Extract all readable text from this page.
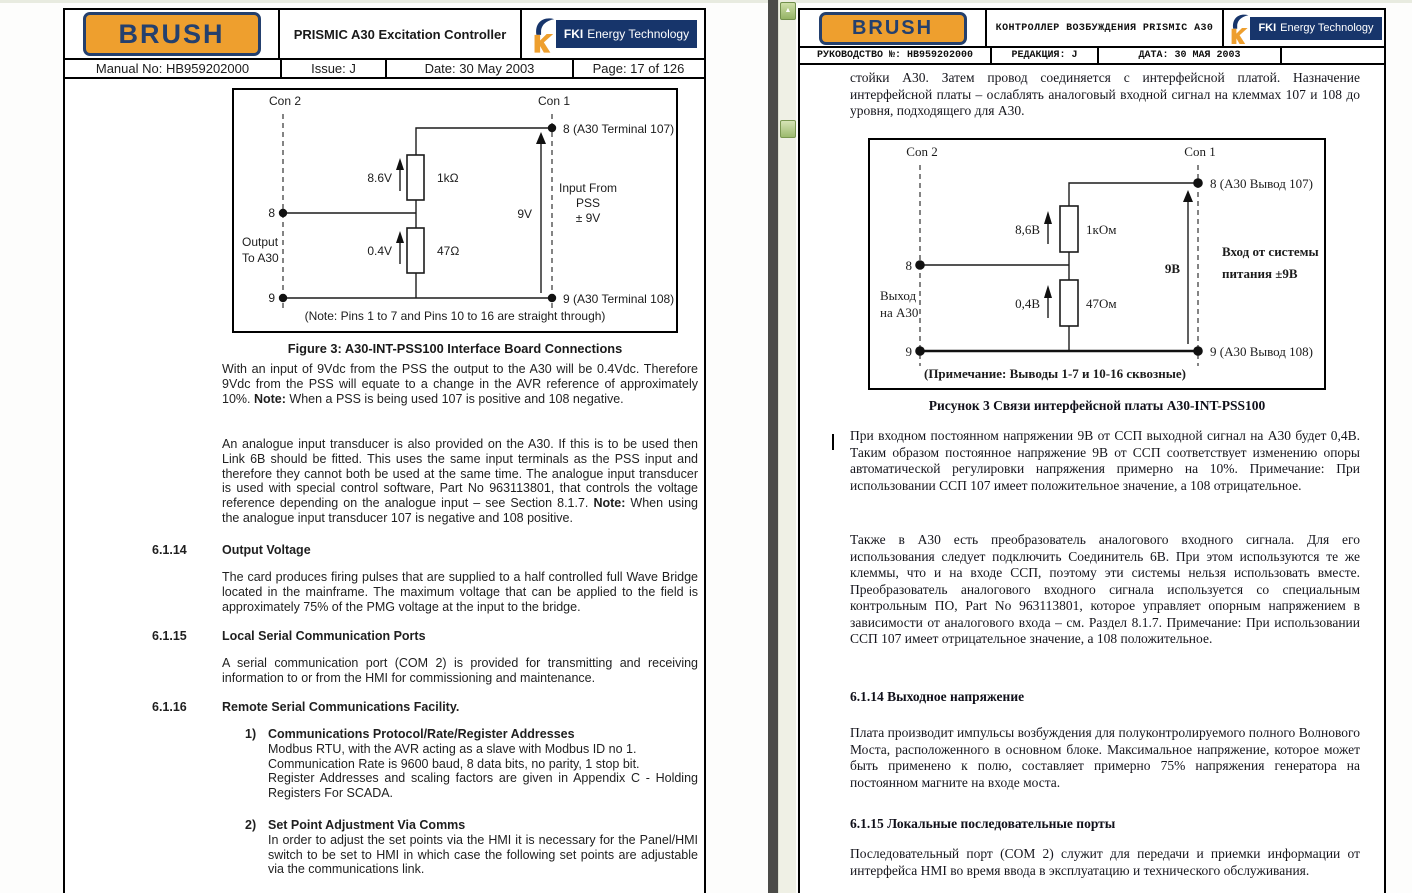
▲
BRUSH	PRISMIC A30 Excitation Controller	FKI Energy Technology
Manual No: HB959202000	Issue: J	Date: 30 May 2003	Page: 17 of 126
Con 2	Con 1
8 (A30 Terminal 107)
1kΩ
8.6V
8
Output
To A30	47Ω
0.4V
9	9 (A30 Terminal 108)
9V
Input From
PSS
± 9V
(Note: Pins 1 to 7 and Pins 10 to 16 are straight through)
Figure 3: A30-INT-PSS100 Interface Board Connections
With an input of 9Vdc from the PSS the output to the A30 will be 0.4Vdc. Therefore 9Vdc from the PSS will equate to a change in the AVR reference of approximately 10%. Note: When a PSS is being used 107 is positive and 108 negative.
An analogue input transducer is also provided on the A30. If this is to be used then Link 6B should be fitted. This uses the same input terminals as the PSS input and therefore they cannot both be used at the same time. The analogue input transducer is used with special control software, Part No 963113801, that controls the voltage reference depending on the analogue input – see Section 8.1.7. Note: When using the analogue input transducer 107 is negative and 108 positive.
6.1.14	Output Voltage
The card produces firing pulses that are supplied to a half controlled full Wave Bridge located in the mainframe. The maximum voltage that can be applied to the field is approximately 75% of the PMG voltage at the input to the bridge.
6.1.15	Local Serial Communication Ports
A serial communication port (COM 2) is provided for transmitting and receiving information to or from the HMI for commissioning and maintenance.
6.1.16	Remote Serial Communications Facility.
1) Communications Protocol/Rate/Register Addresses
Modbus RTU, with the AVR acting as a slave with Modbus ID no 1.
Communication Rate is 9600 baud, 8 data bits, no parity, 1 stop bit.
Register Addresses and scaling factors are given in Appendix C - Holding Registers For SCADA.
2) Set Point Adjustment Via Comms
In order to adjust the set points via the HMI it is necessary for the Panel/HMI switch to be set to HMI in which case the following set points are adjustable via the communications link.
BRUSH	КОНТРОЛЛЕР ВОЗБУЖДЕНИЯ PRISMIC А30	FKI Energy Technology
РУКОВОДСТВО №: HB959202000	РЕДАКЦИЯ: J	ДАТА: 30 МАЯ 2003
стойки А30. Затем провод соединяется с интерфейсной платой. Назначение интерфейсной платы – ослаблять аналоговый входной сигнал на клеммах 107 и 108 до уровня, подходящего для А30.
Con 2	Con 1
8 (А30 Вывод 107)
1кОм
8,6В
8
Выход
на А30
47Ом
0,4В
9	9 (А30 Вывод 108)
9В
Вход от системы
питания ±9В
(Примечание: Выводы 1-7 и 10-16 сквозные)
Рисунок 3 Связи интерфейсной платы А30-INT-PSS100
При входном постоянном напряжении 9В от ССП выходной сигнал на А30 будет 0,4В. Таким образом постоянное напряжение 9В от ССП соответствует изменению опоры автоматической регулировки напряжения примерно на 10%. Примечание: При использовании ССП 107 имеет положительное значение, а 108 отрицательное.
Также в А30 есть преобразователь аналогового входного сигнала. Для его использования следует подключить Соединитель 6В. При этом используются те же клеммы, что и на входе ССП, поэтому эти системы нельзя использовать вместе. Преобразователь аналогового входного сигнала используется со специальным контрольным ПО, Part No 963113801, которое управляет опорным напряжением в зависимости от аналогового входа – см. Раздел 8.1.7. Примечание: При использовании ССП 107 имеет отрицательное значение, а 108 положительное.
6.1.14 Выходное напряжение
Плата производит импульсы возбуждения для полуконтролируемого полного Волнового Моста, расположенного в основном блоке. Максимальное напряжение, которое может быть применено к полю, составляет примерно 75% напряжения генератора на постоянном магните на входе моста.
6.1.15 Локальные последовательные порты
Последовательный порт (COM 2) служит для передачи и приемки информации от интерфейса HMI во время ввода в эксплуатацию и технического обслуживания.
